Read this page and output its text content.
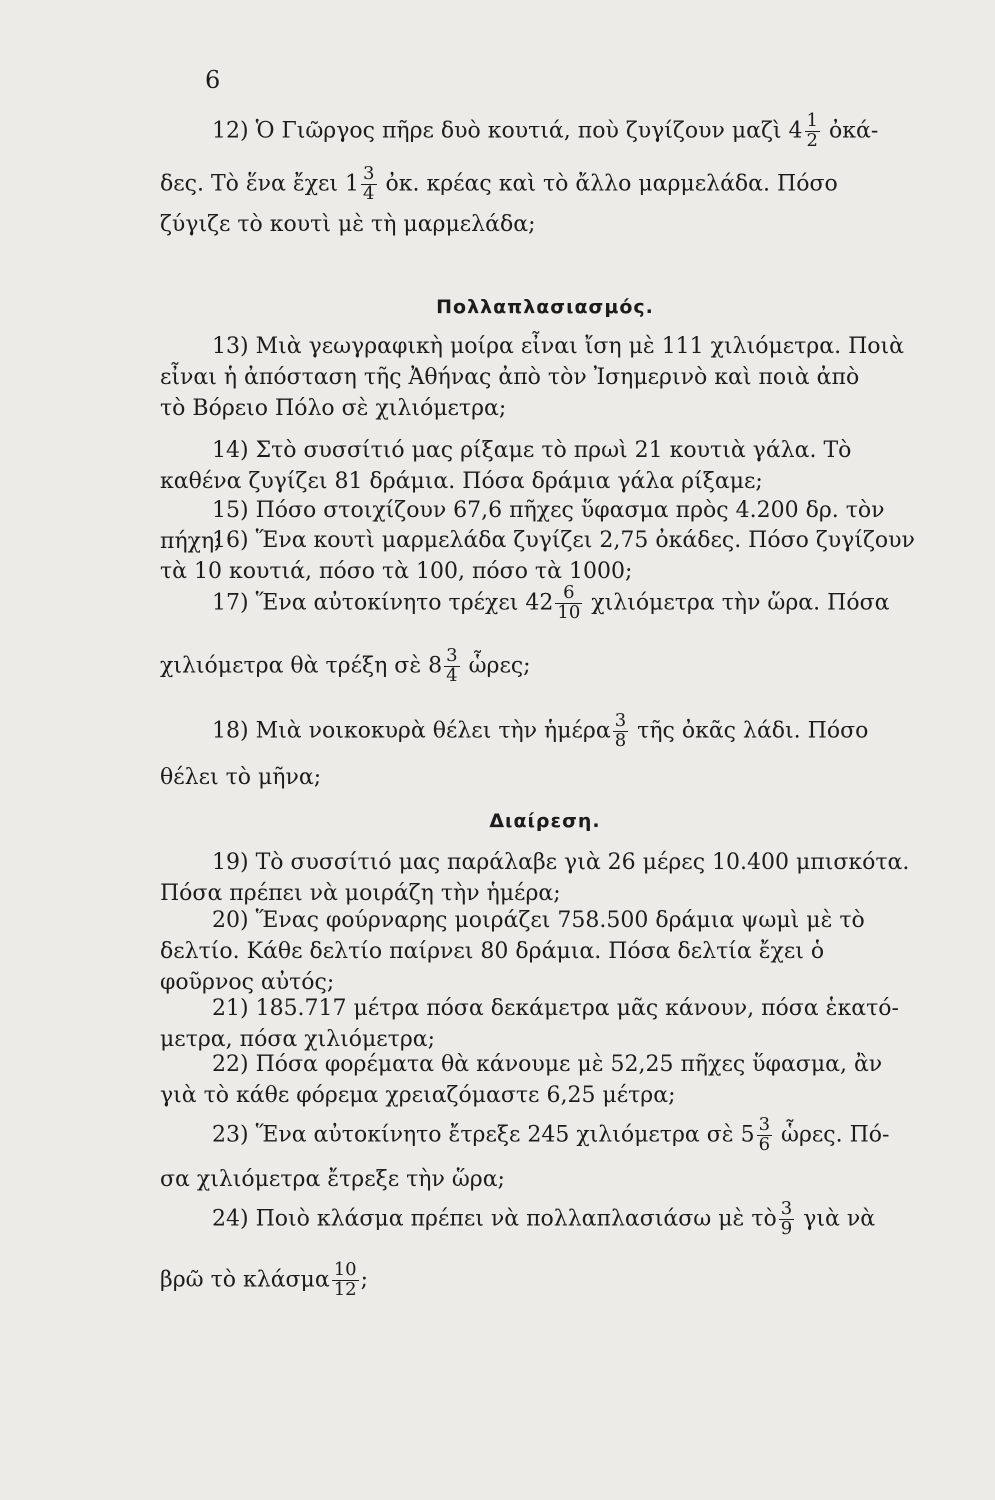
6
12) Ὁ Γιῶργος πῆρε δυὸ κουτιά, ποὺ ζυγίζουν μαζὶ $4 \frac{1}{2}$ ὀκά-
δες. Τὸ ἕνα ἔχει $1 \frac{3}{4}$ ὀκ. κρέας καὶ τὸ ἄλλο μαρμελάδα. Πόσο
ζύγιζε τὸ κουτὶ μὲ τὴ μαρμελάδα;
Πολλαπλασιασμός.
13) Μιὰ γεωγραφικὴ μοίρα εἶναι ἴση μὲ 111 χιλιόμετρα. Ποιὰ
εἶναι ἡ ἀπόσταση τῆς Ἀθήνας ἀπὸ τὸν Ἰσημερινὸ καὶ ποιὰ ἀπὸ
τὸ Βόρειο Πόλο σὲ χιλιόμετρα;
14) Στὸ συσσίτιό μας ρίξαμε τὸ πρωὶ 21 κουτιὰ γάλα. Τὸ
καθένα ζυγίζει 81 δράμια. Πόσα δράμια γάλα ρίξαμε;
15) Πόσο στοιχίζουν 67,6 πῆχες ὕφασμα πρὸς 4.200 δρ. τὸν πήχη;
16) Ἕνα κουτὶ μαρμελάδα ζυγίζει 2,75 ὀκάδες. Πόσο ζυγίζουν
τὰ 10 κουτιά, πόσο τὰ 100, πόσο τὰ 1000;
17) Ἕνα αὐτοκίνητο τρέχει $42 \frac{6}{10}$ χιλιόμετρα τὴν ὥρα. Πόσα
χιλιόμετρα θὰ τρέξη σὲ $8 \frac{3}{4}$ ὧρες;
18) Μιὰ νοικοκυρὰ θέλει τὴν ἡμέρα $\frac{3}{8}$ τῆς ὀκᾶς λάδι. Πόσο
θέλει τὸ μῆνα;
Διαίρεση.
19) Τὸ συσσίτιό μας παράλαβε γιὰ 26 μέρες 10.400 μπισκότα.
Πόσα πρέπει νὰ μοιράζη τὴν ἡμέρα;
20) Ἕνας φούρναρης μοιράζει 758.500 δράμια ψωμὶ μὲ τὸ
δελτίο. Κάθε δελτίο παίρνει 80 δράμια. Πόσα δελτία ἔχει ὁ
φοῦρνος αὐτός;
21) 185.717 μέτρα πόσα δεκάμετρα μᾶς κάνουν, πόσα ἑκατό-
μετρα, πόσα χιλιόμετρα;
22) Πόσα φορέματα θὰ κάνουμε μὲ 52,25 πῆχες ὕφασμα, ἂν
γιὰ τὸ κάθε φόρεμα χρειαζόμαστε 6,25 μέτρα;
23) Ἕνα αὐτοκίνητο ἔτρεξε 245 χιλιόμετρα σὲ $5 \frac{3}{6}$ ὧρες. Πό-
σα χιλιόμετρα ἔτρεξε τὴν ὥρα;
24) Ποιὸ κλάσμα πρέπει νὰ πολλαπλασιάσω μὲ τὸ $\frac{3}{9}$ γιὰ νὰ
βρῶ τὸ κλάσμα $\frac{10}{12}$ ;
